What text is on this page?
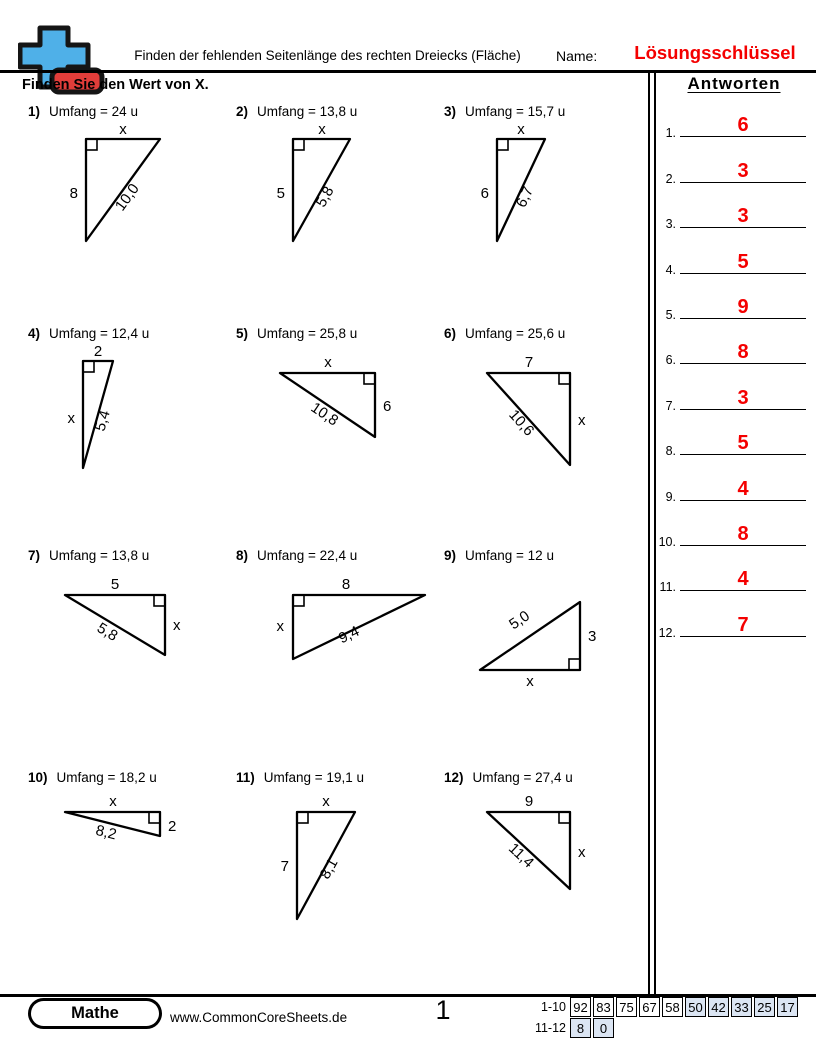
Finden der fehlenden Seitenlänge des rechten Dreiecks (Fläche)	Name:	Lösungsschlüssel
Finden Sie den Wert von X.
1) Umfang = 24 u
x
8 10,0
2) Umfang = 13,8 u
x
5 5,8
3) Umfang = 15,7 u
x
6 6,7
4) Umfang = 12,4 u
2
x 5,4
5) Umfang = 25,8 u
x
6
10,8
6) Umfang = 25,6 u
7
x
10,6
7) Umfang = 13,8 u
5
x
5,8
8) Umfang = 22,4 u
8
x	9,4
9) Umfang = 12 u
x
3
5,0
10) Umfang = 18,2 u
x
2
8,2
11) Umfang = 19,1 u
x
7 8,1
12) Umfang = 27,4 u
9
x
11,4
Antworten
1.	6
2.	3
3.	3
4.	5
5.	9
6.	8
7.	3
8.	5
9.	4
10.	8
11.	4
12.	7
Mathe	www.CommonCoreSheets.de	1	1-10 92 83 75 67 58 50 42 33 25 17
11-12 8	0
